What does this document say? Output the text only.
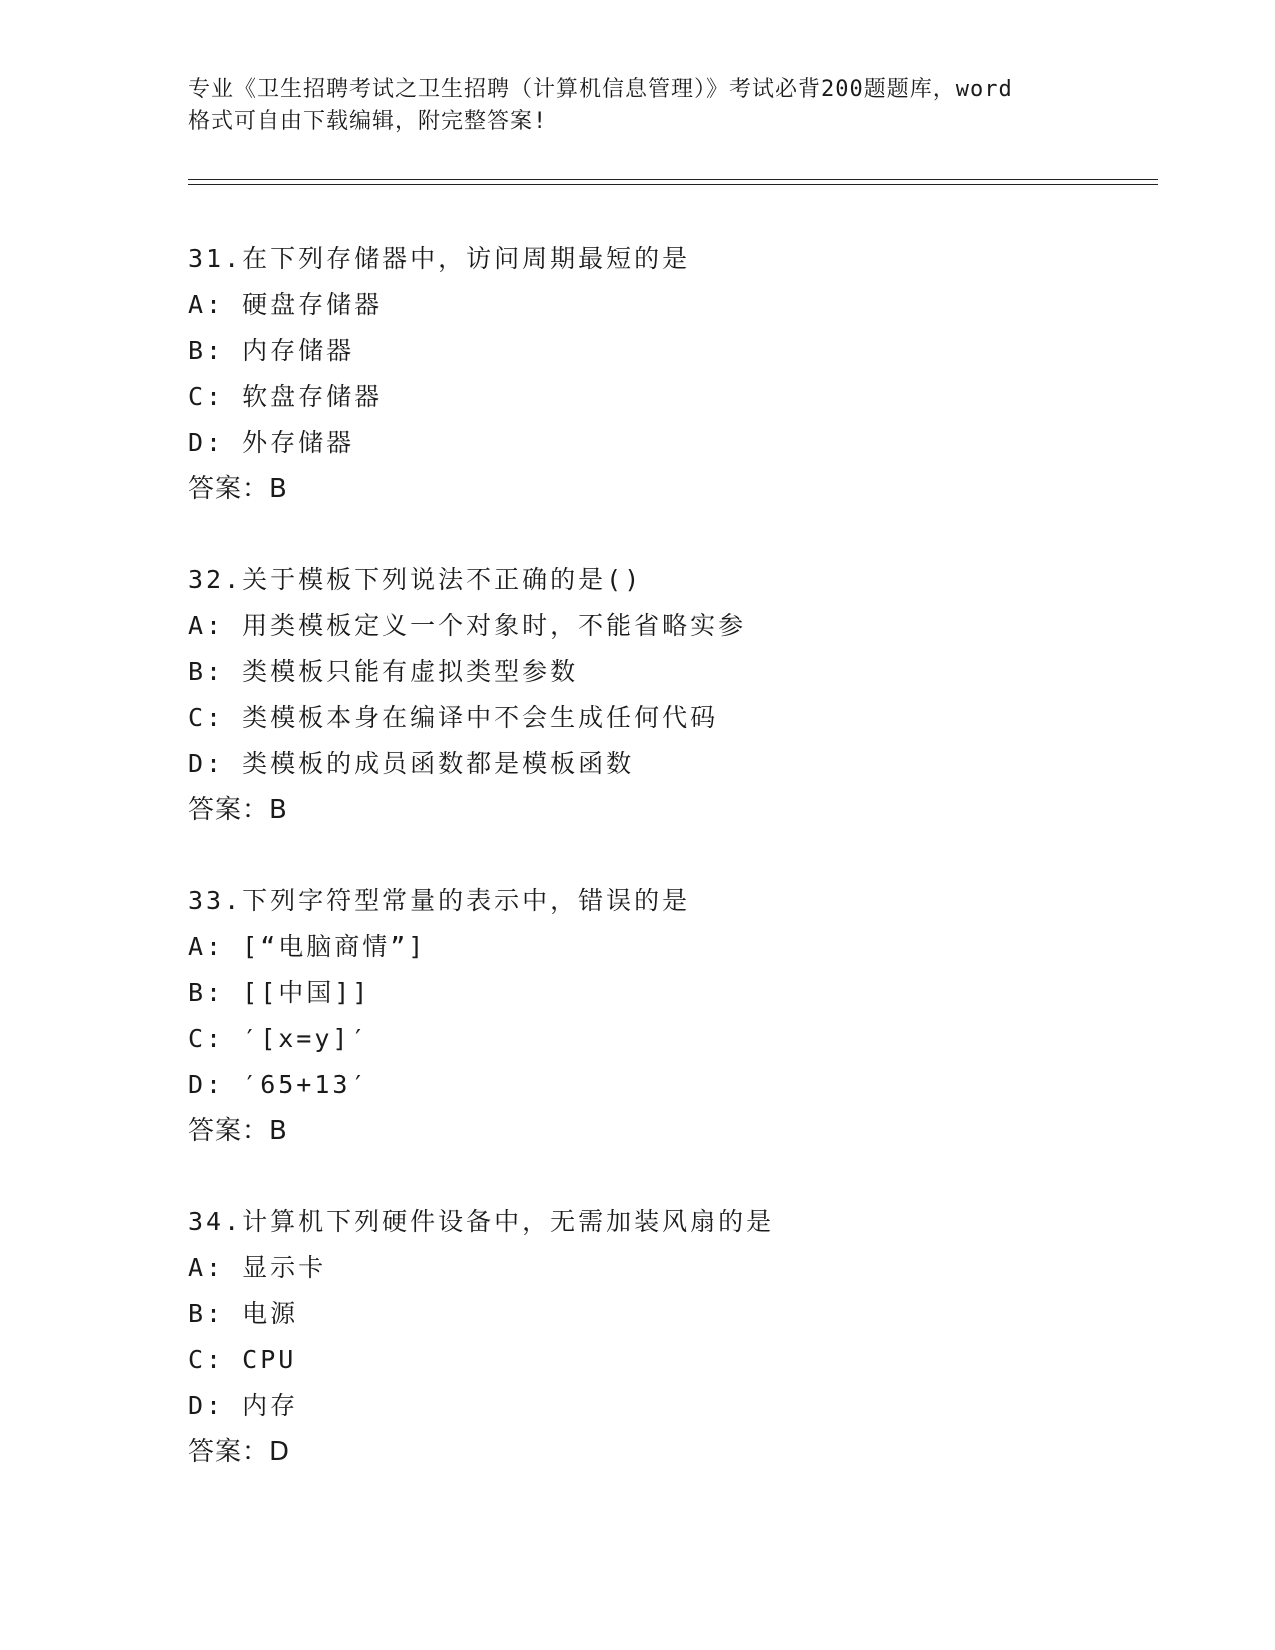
专业《卫生招聘考试之卫生招聘（计算机信息管理）》考试必背200题题库，word

格式可自由下载编辑，附完整答案!

31.在下列存储器中，访问周期最短的是
A: 硬盘存储器
B: 内存储器
C: 软盘存储器
D: 外存储器
答案：B
32.关于模板下列说法不正确的是()
A: 用类模板定义一个对象时，不能省略实参
B: 类模板只能有虚拟类型参数
C: 类模板本身在编译中不会生成任何代码
D: 类模板的成员函数都是模板函数
答案：B
33.下列字符型常量的表示中，错误的是
A: [“电脑商情”]
B: [[中国]]
C: ′[x=y]′
D: ′65+13′
答案：B
34.计算机下列硬件设备中，无需加装风扇的是
A: 显示卡
B: 电源
C: CPU
D: 内存
答案：D
